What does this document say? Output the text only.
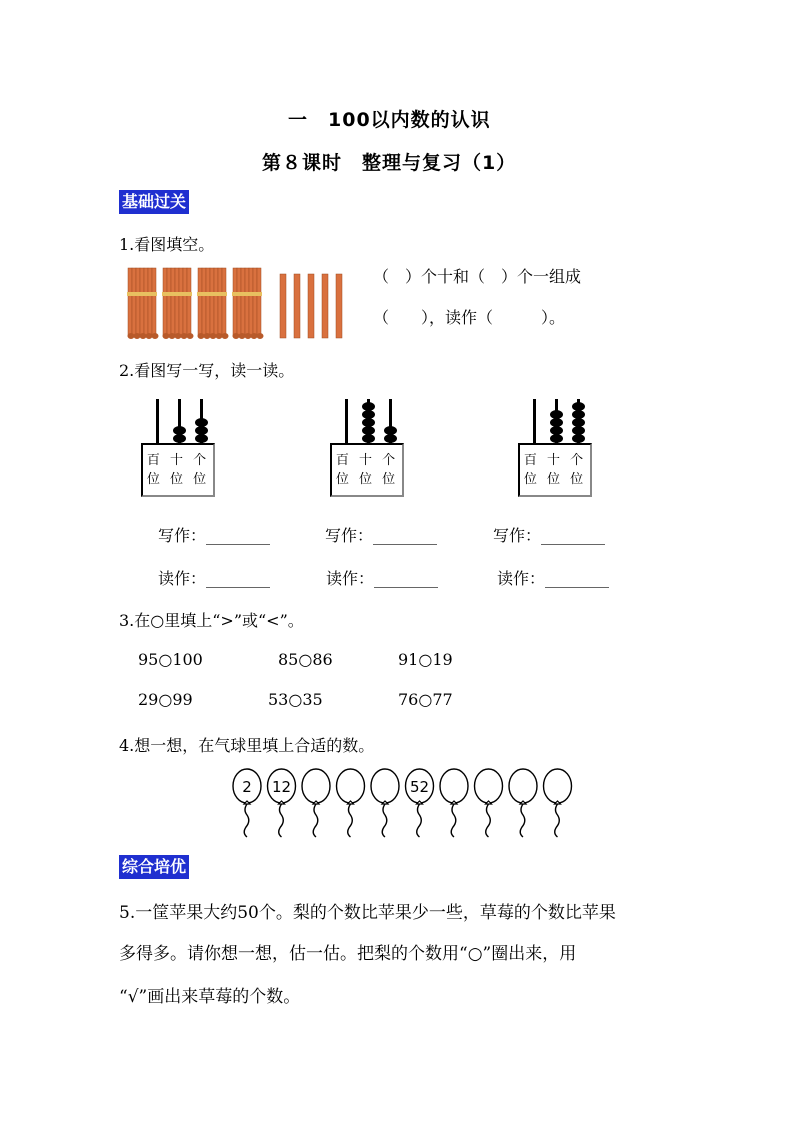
一　100以内数的认识
第８课时　整理与复习（1）
基础过关
1.看图填空。
（　）个十和（　）个一组成
（　　），读作（　　　）。
2.看图写一写，读一读。
百 十 个
位 位 位
百 十 个
位 位 位
百 十 个
位 位 位
写作：________	写作：________	写作：________
读作：________	读作：________	读作：________
3.在○里填上“>”或“<”。
95○100	85○86	91○19
29○99	53○35	76○77
4.想一想，在气球里填上合适的数。
2 12	52
综合培优
5.一筐苹果大约50个。梨的个数比苹果少一些，草莓的个数比苹果
多得多。请你想一想，估一估。把梨的个数用“○”圈出来，用
“√”画出来草莓的个数。
